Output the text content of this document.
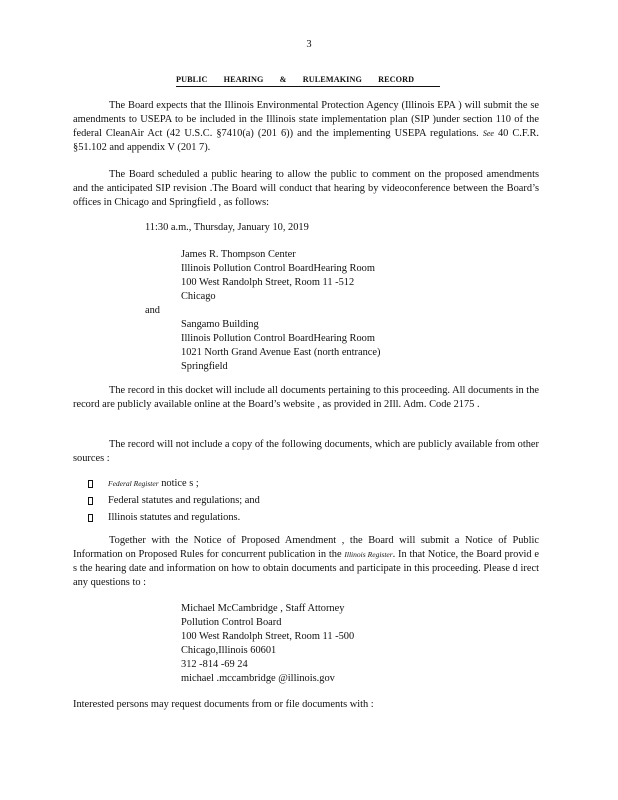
3
PUBLIC HEARING & RULEMAKING RECORD

The Board expects that the Illinois Environmental Protection Agency (Illinois EPA ) will submit the se amendments to USEPA to be included in the Illinois state implementation plan (SIP )under section 110 of the federal CleanAir Act (42 U.S.C. §7410(a) (201 6)) and the implementing USEPA regulations. See 40 C.F.R. §51.102 and appendix V (201 7).

The Board scheduled a public hearing to allow the public to comment on the proposed amendments and the anticipated SIP revision .The Board will conduct that hearing by videoconference between the Board’s offices in Chicago and Springfield , as follows:

11:30 a.m., Thursday, January 10, 2019
James R. Thompson Center
Illinois Pollution Control BoardHearing Room
100 West Randolph Street, Room 11 -512
Chicago
and
Sangamo Building
Illinois Pollution Control BoardHearing Room
1021 North Grand Avenue East (north entrance)
Springfield

The record in this docket will include all documents pertaining to this proceeding. All documents in the record are publicly available online at the Board’s website , as provided in 2Ill. Adm. Code 2175 .

The record will not include a copy of the following documents, which are publicly available from other sources :

Federal Register notice s ;
Federal statutes and regulations; and
Illinois statutes and regulations.

Together with the Notice of Proposed Amendment , the Board will submit a Notice of Public Information on Proposed Rules for concurrent publication in the Illinois Register. In that Notice, the Board provid e s the hearing date and information on how to obtain documents and participate in this proceeding. Please d irect any questions to :

Michael McCambridge , Staff Attorney
Pollution Control Board
100 West Randolph Street, Room 11 -500
Chicago,Illinois 60601
312 -814 -69 24
michael .mccambridge @illinois.gov
Interested persons may request documents from or file documents with :
